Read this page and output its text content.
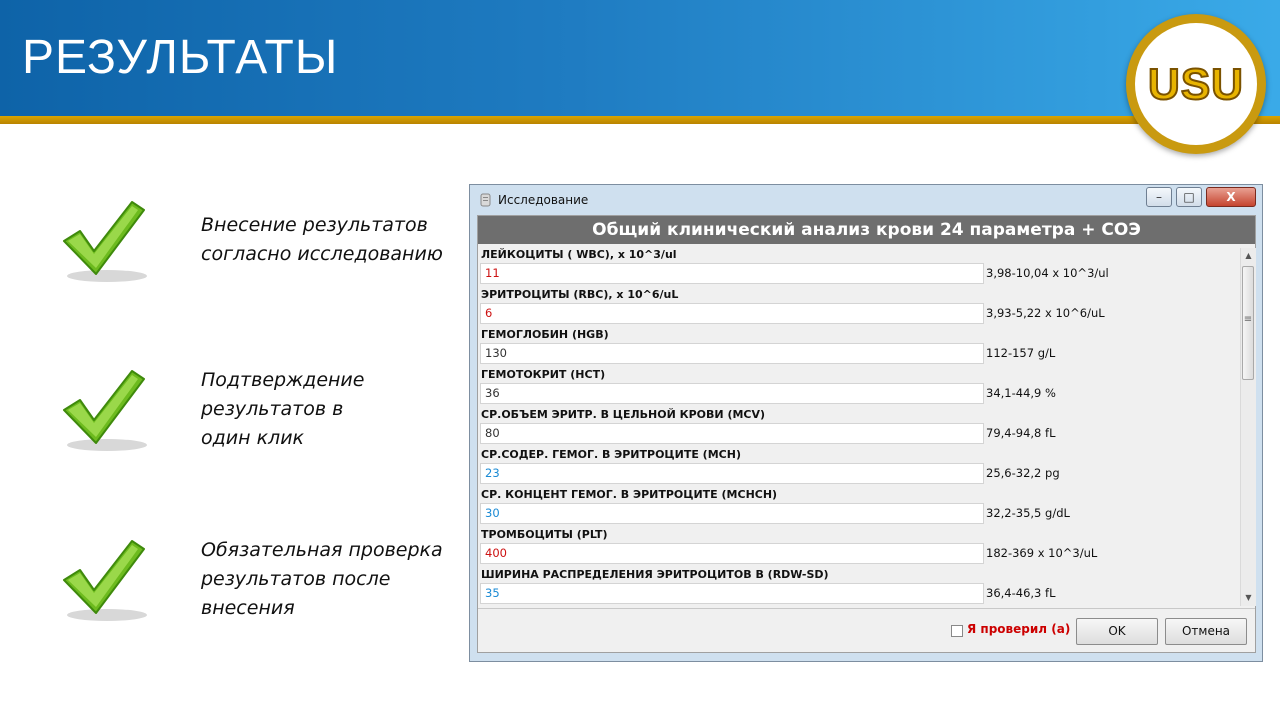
РЕЗУЛЬТАТЫ
USU
Внесение результатов
согласно исследованию
Подтверждение
результатов в
один клик
Обязательная проверка
результатов после
внесения
Исследование	–	□	X
Общий клинический анализ крови 24 параметра + СОЭ
ЛЕЙКОЦИТЫ ( WBC), x 10^3/ul
11	3,98-10,04 x 10^3/ul
ЭРИТРОЦИТЫ (RBC), x 10^6/uL
6	3,93-5,22 x 10^6/uL
ГЕМОГЛОБИН (HGB)
130	112-157 g/L
ГЕМОТОКРИТ (HCT)
36	34,1-44,9 %
СР.ОБЪЕМ ЭРИТР. В ЦЕЛЬНОЙ КРОВИ (MCV)
80	79,4-94,8 fL
СР.СОДЕР. ГЕМОГ. В ЭРИТРОЦИТЕ (MCH)
23	25,6-32,2 pg
СР. КОНЦЕНТ ГЕМОГ. В ЭРИТРОЦИТЕ (MCHCH)
30	32,2-35,5 g/dL
ТРОМБОЦИТЫ (PLT)
400	182-369 x 10^3/uL
ШИРИНА РАСПРЕДЕЛЕНИЯ ЭРИТРОЦИТОВ В (RDW-SD)
35	36,4-46,3 fL
▲
≡
▼
Я проверил (а)	OK	Отмена
